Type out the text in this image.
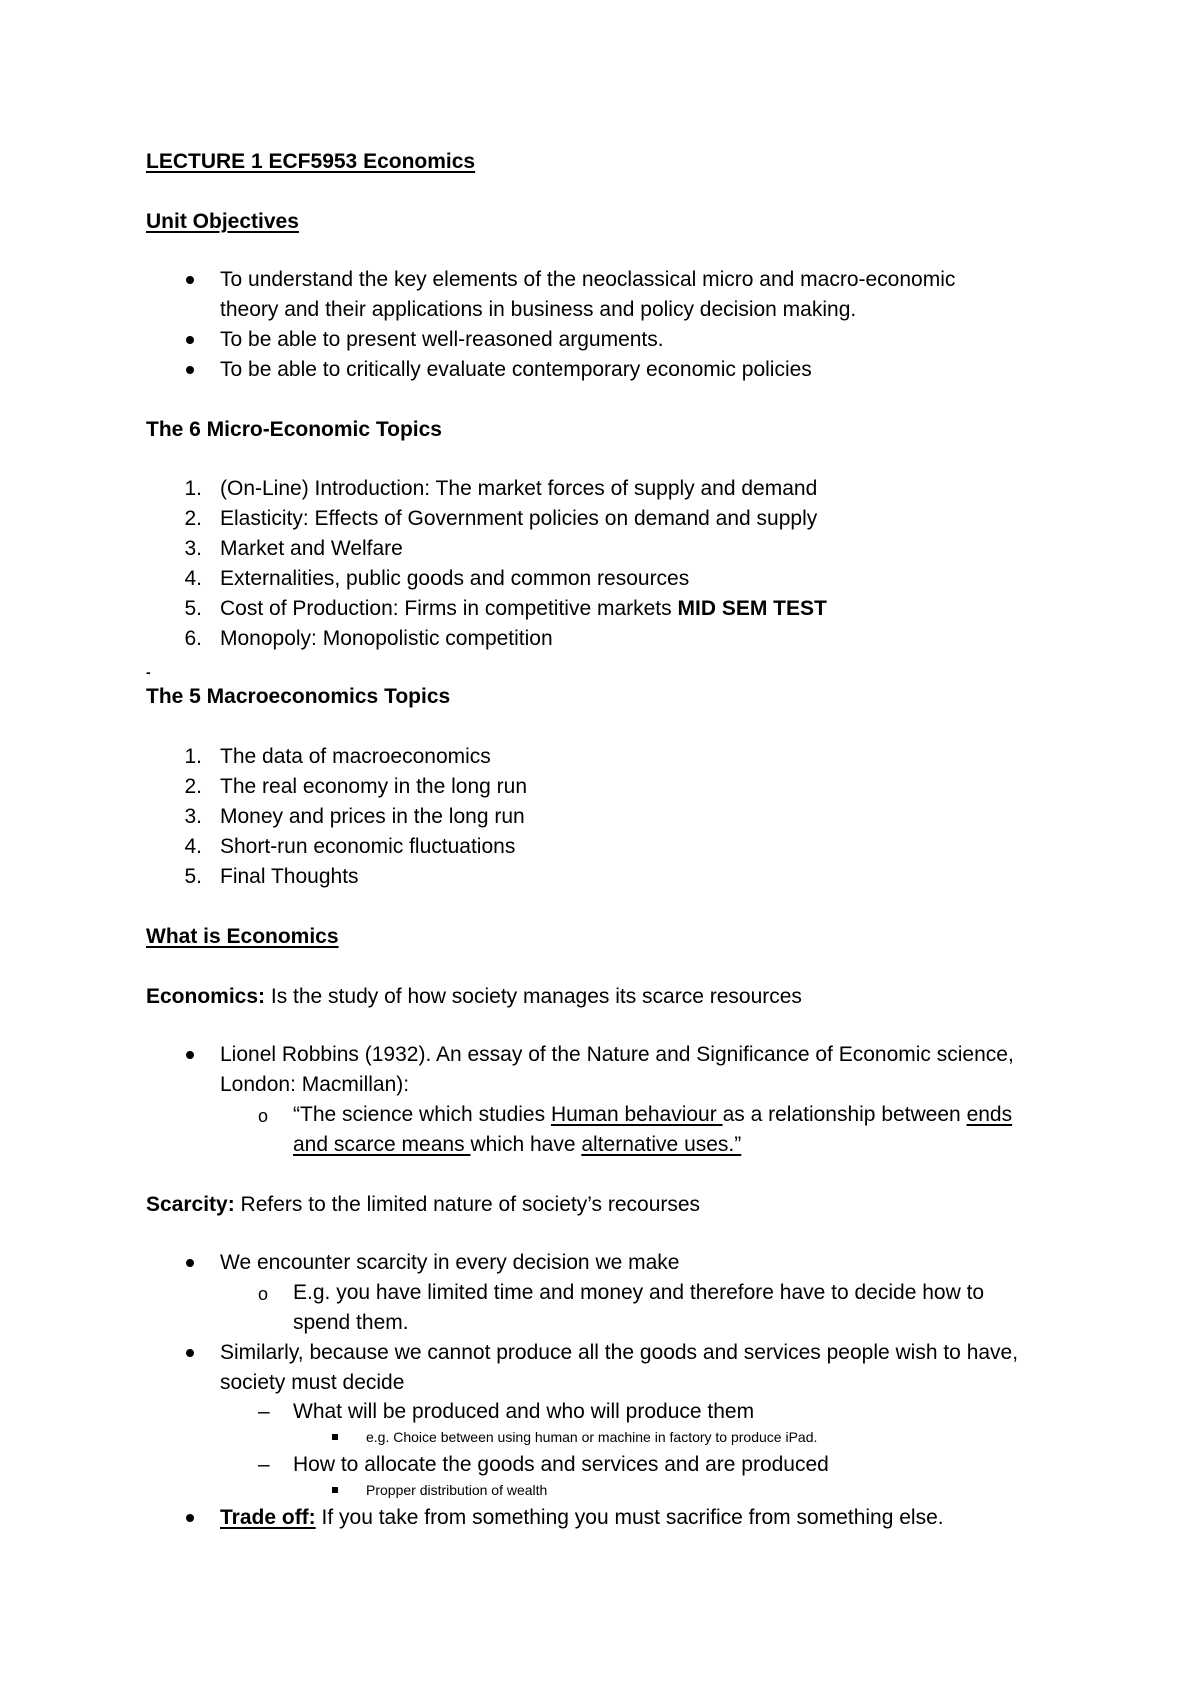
LECTURE 1 ECF5953 Economics
Unit Objectives
To understand the key elements of the neoclassical micro and macro-economic
theory and their applications in business and policy decision making.
To be able to present well-reasoned arguments.
To be able to critically evaluate contemporary economic policies
The 6 Micro-Economic Topics
1. (On-Line) Introduction: The market forces of supply and demand
2. Elasticity: Effects of Government policies on demand and supply
3. Market and Welfare
4. Externalities, public goods and common resources
5. Cost of Production: Firms in competitive markets MID SEM TEST
6. Monopoly: Monopolistic competition
-
The 5 Macroeconomics Topics
1. The data of macroeconomics
2. The real economy in the long run
3. Money and prices in the long run
4. Short-run economic fluctuations
5. Final Thoughts
What is Economics
Economics: Is the study of how society manages its scarce resources
Lionel Robbins (1932). An essay of the Nature and Significance of Economic science,
London: Macmillan):
o “The science which studies Human behaviour as a relationship between ends
and scarce means which have alternative uses.”
Scarcity: Refers to the limited nature of society’s recourses
We encounter scarcity in every decision we make
o E.g. you have limited time and money and therefore have to decide how to
spend them.
Similarly, because we cannot produce all the goods and services people wish to have,
society must decide
– What will be produced and who will produce them
e.g. Choice between using human or machine in factory to produce iPad.
– How to allocate the goods and services and are produced
Propper distribution of wealth
Trade off: If you take from something you must sacrifice from something else.
